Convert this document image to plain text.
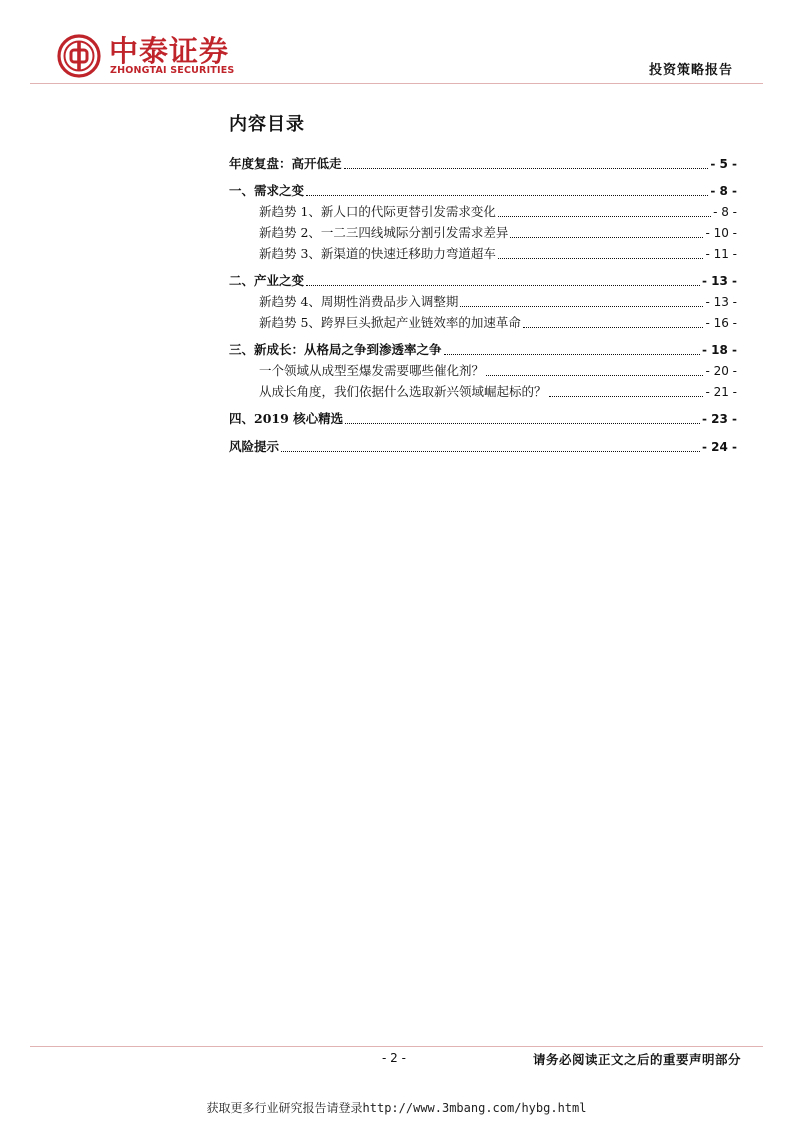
中泰证券
ZHONGTAI SECURITIES	投资策略报告
内容目录
年度复盘：高开低走	- 5 -
一、需求之变	- 8 -
新趋势 1、新人口的代际更替引发需求变化	- 8 -
新趋势 2、一二三四线城际分割引发需求差异	- 10 -
新趋势 3、新渠道的快速迁移助力弯道超车	- 11 -
二、产业之变	- 13 -
新趋势 4、周期性消费品步入调整期	- 13 -
新趋势 5、跨界巨头掀起产业链效率的加速革命	- 16 -
三、新成长：从格局之争到渗透率之争	- 18 -
一个领域从成型至爆发需要哪些催化剂？	- 20 -
从成长角度，我们依据什么选取新兴领域崛起标的？	- 21 -
四、2019 核心精选	- 23 -
风险提示	- 24 -
- 2 -	请务必阅读正文之后的重要声明部分
获取更多行业研究报告请登录http://www.3mbang.com/hybg.html
